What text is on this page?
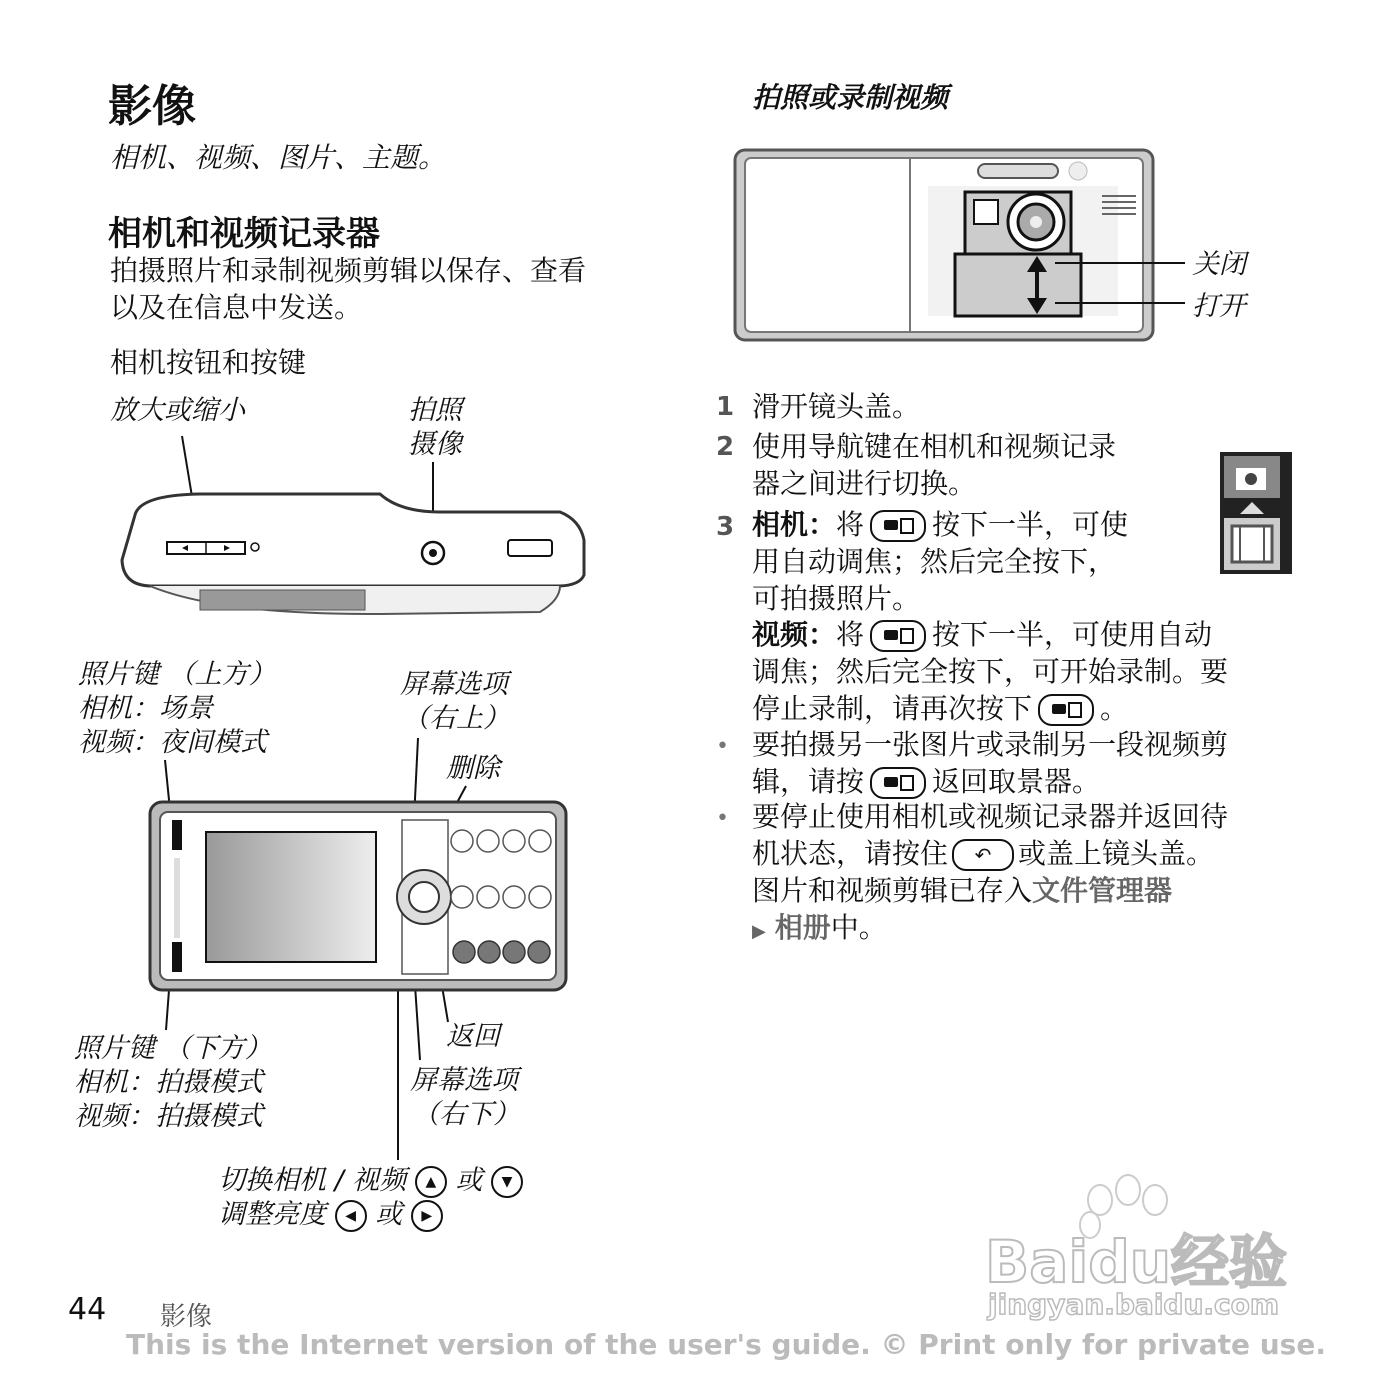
影像
相机、视频、图片、主题。
相机和视频记录器
拍摄照片和录制视频剪辑以保存、查看
以及在信息中发送。
相机按钮和按键
放大或缩小	拍照
摄像
照片键 （上方）
相机：场景
视频：夜间模式
屏幕选项
（右上）
删除
照片键 （下方）
相机：拍摄模式
视频：拍摄模式
返回
屏幕选项
（右下）
切换相机 / 视频 ▲ 或 ▼
调整亮度 ◀ 或 ▶
拍照或录制视频
关闭
打开
1 滑开镜头盖。
2 使用导航键在相机和视频记录
器之间进行切换。
3 相机：将 按下一半，可使
用自动调焦；然后完全按下，
可拍摄照片。
视频：将 按下一半，可使用自动
调焦；然后完全按下，可开始录制。要
停止录制，请再次按下 。
• 要拍摄另一张图片或录制另一段视频剪
辑，请按 返回取景器。
• 要停止使用相机或视频记录器并返回待
机状态，请按住 ↶ 或盖上镜头盖。
图片和视频剪辑已存入文件管理器
▶ 相册中。
Baidu经验
jingyan.baidu.com
44 影像
This is the Internet version of the user's guide. © Print only for private use.
